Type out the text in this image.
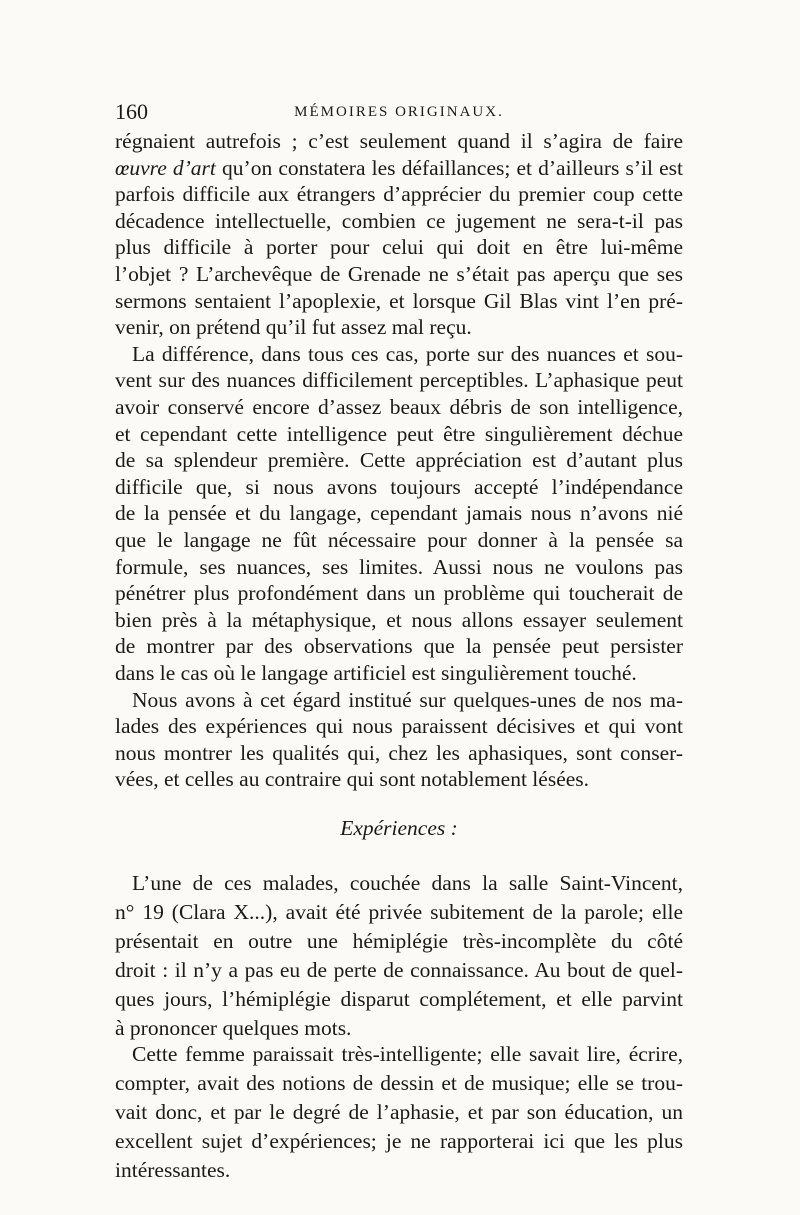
160	MÉMOIRES ORIGINAUX.
régnaient autrefois ; c’est seulement quand il s’agira de faire
œuvre d’art qu’on constatera les défaillances; et d’ailleurs s’il est
parfois difficile aux étrangers d’apprécier du premier coup cette
décadence intellectuelle, combien ce jugement ne sera-t-il pas
plus difficile à porter pour celui qui doit en être lui-même
l’objet ? L’archevêque de Grenade ne s’était pas aperçu que ses
sermons sentaient l’apoplexie, et lorsque Gil Blas vint l’en pré-
venir, on prétend qu’il fut assez mal reçu.
La différence, dans tous ces cas, porte sur des nuances et sou-
vent sur des nuances difficilement perceptibles. L’aphasique peut
avoir conservé encore d’assez beaux débris de son intelligence,
et cependant cette intelligence peut être singulièrement déchue
de sa splendeur première. Cette appréciation est d’autant plus
difficile que, si nous avons toujours accepté l’indépendance
de la pensée et du langage, cependant jamais nous n’avons nié
que le langage ne fût nécessaire pour donner à la pensée sa
formule, ses nuances, ses limites. Aussi nous ne voulons pas
pénétrer plus profondément dans un problème qui toucherait de
bien près à la métaphysique, et nous allons essayer seulement
de montrer par des observations que la pensée peut persister
dans le cas où le langage artificiel est singulièrement touché.
Nous avons à cet égard institué sur quelques-unes de nos ma-
lades des expériences qui nous paraissent décisives et qui vont
nous montrer les qualités qui, chez les aphasiques, sont conser-
vées, et celles au contraire qui sont notablement lésées.
Expériences :
L’une de ces malades, couchée dans la salle Saint-Vincent,
n° 19 (Clara X...), avait été privée subitement de la parole; elle
présentait en outre une hémiplégie très-incomplète du côté
droit : il n’y a pas eu de perte de connaissance. Au bout de quel-
ques jours, l’hémiplégie disparut complétement, et elle parvint
à prononcer quelques mots.
Cette femme paraissait très-intelligente; elle savait lire, écrire,
compter, avait des notions de dessin et de musique; elle se trou-
vait donc, et par le degré de l’aphasie, et par son éducation, un
excellent sujet d’expériences; je ne rapporterai ici que les plus
intéressantes.
